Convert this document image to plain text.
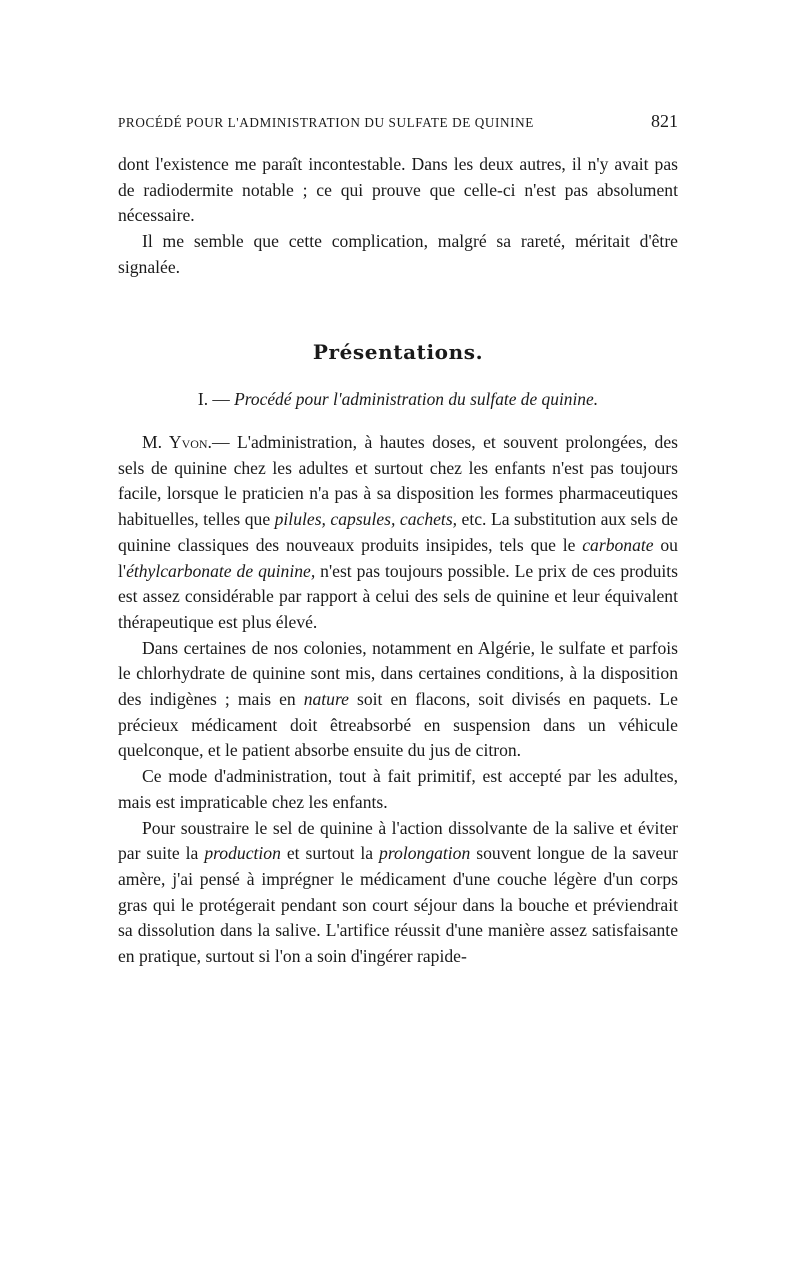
PROCÉDÉ POUR L'ADMINISTRATION DU SULFATE DE QUININE	821

dont l'existence me paraît incontestable. Dans les deux autres, il n'y avait pas de radiodermite notable ; ce qui prouve que celle-ci n'est pas absolument nécessaire.

Il me semble que cette complication, malgré sa rareté, méritait d'être signalée.

Présentations.
I. — Procédé pour l'administration du sulfate de quinine.

M. Yvon.— L'administration, à hautes doses, et souvent prolongées, des sels de quinine chez les adultes et surtout chez les enfants n'est pas toujours facile, lorsque le praticien n'a pas à sa disposition les formes pharmaceutiques habituelles, telles que pilules, capsules, cachets, etc. La substitution aux sels de quinine classiques des nouveaux produits insipides, tels que le carbonate ou l'éthylcarbonate de quinine, n'est pas toujours possible. Le prix de ces produits est assez considérable par rapport à celui des sels de quinine et leur équivalent thérapeutique est plus élevé.

Dans certaines de nos colonies, notamment en Algérie, le sulfate et parfois le chlorhydrate de quinine sont mis, dans certaines conditions, à la disposition des indigènes ; mais en nature soit en flacons, soit divisés en paquets. Le précieux médicament doit êtreabsorbé en suspension dans un véhicule quelconque, et le patient absorbe ensuite du jus de citron.

Ce mode d'administration, tout à fait primitif, est accepté par les adultes, mais est impraticable chez les enfants.

Pour soustraire le sel de quinine à l'action dissolvante de la salive et éviter par suite la production et surtout la prolongation souvent longue de la saveur amère, j'ai pensé à imprégner le médicament d'une couche légère d'un corps gras qui le protégerait pendant son court séjour dans la bouche et préviendrait sa dissolution dans la salive. L'artifice réussit d'une manière assez satisfaisante en pratique, surtout si l'on a soin d'ingérer rapide-
